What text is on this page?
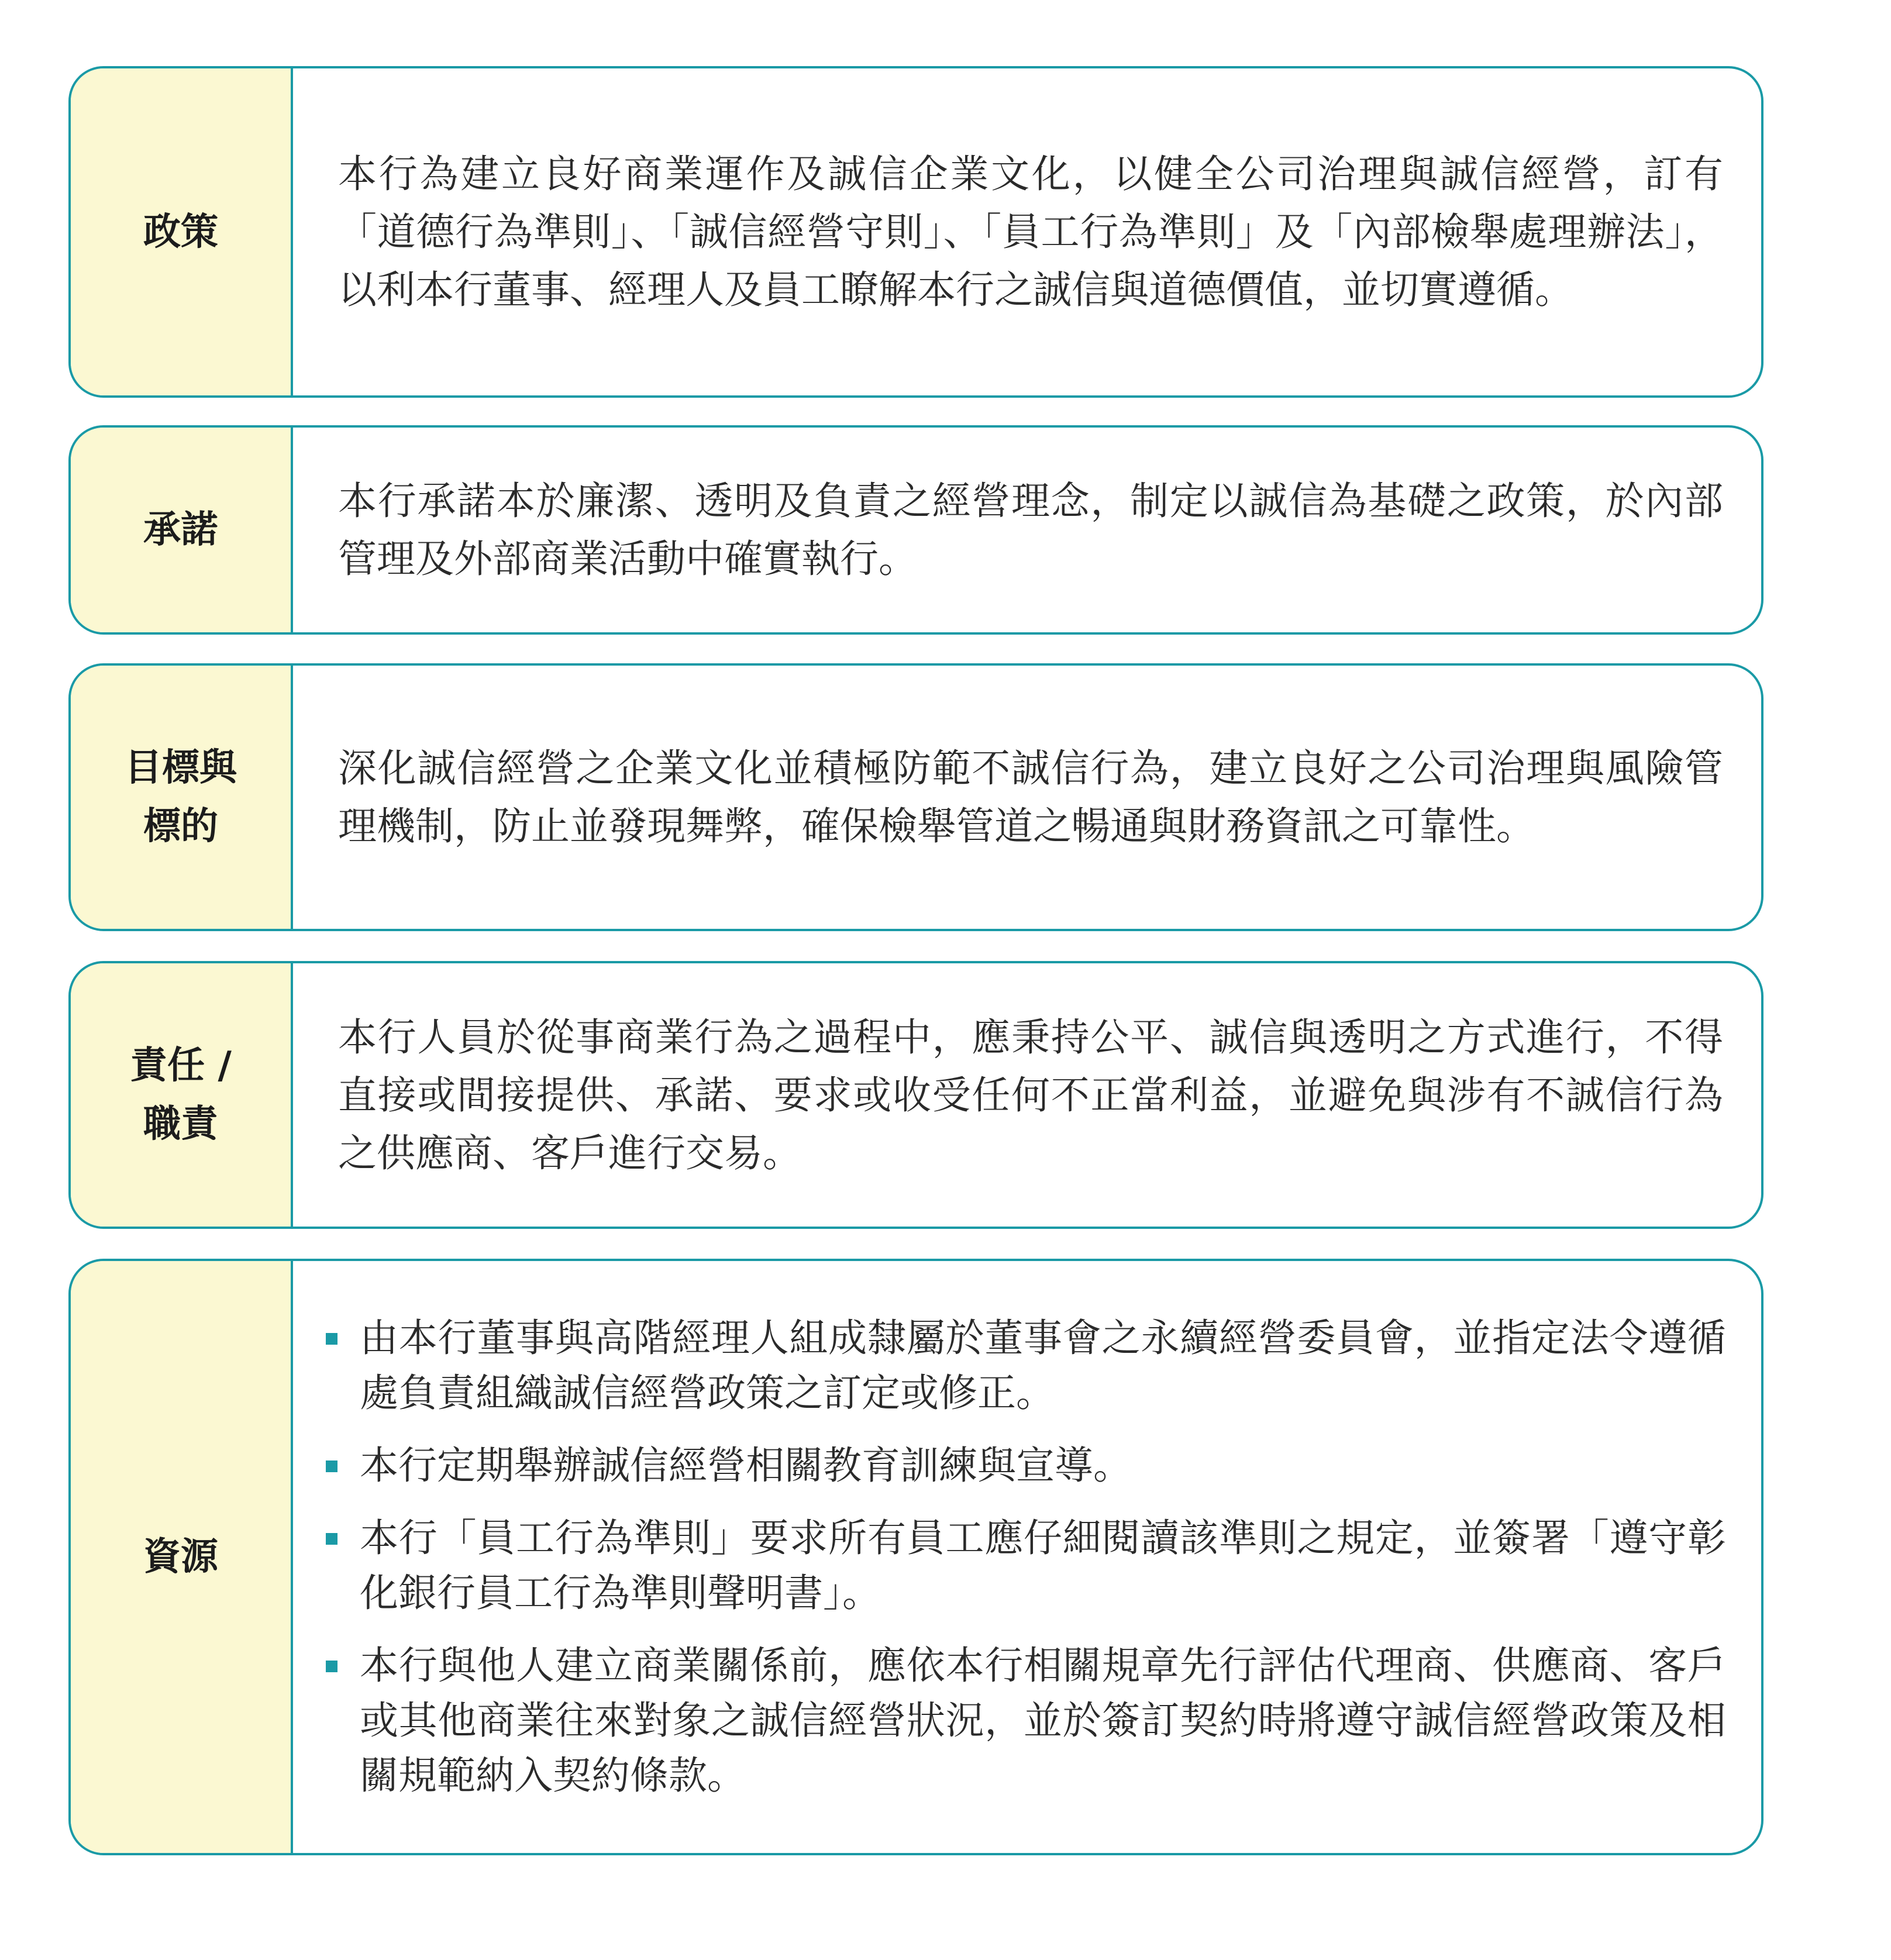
政策

本行為建立良好商業運作及誠信企業文化，以健全公司治理與誠信經營，訂有「道德行為準則」、「誠信經營守則」、「員工行為準則」及「內部檢舉處理辦法」，以利本行董事、經理人及員工瞭解本行之誠信與道德價值，並切實遵循。

承諾

本行承諾本於廉潔、透明及負責之經營理念，制定以誠信為基礎之政策，於內部管理及外部商業活動中確實執行。

目標與
標的

深化誠信經營之企業文化並積極防範不誠信行為，建立良好之公司治理與風險管理機制，防止並發現舞弊，確保檢舉管道之暢通與財務資訊之可靠性。

責任 /
職責

本行人員於從事商業行為之過程中，應秉持公平、誠信與透明之方式進行，不得直接或間接提供、承諾、要求或收受任何不正當利益，並避免與涉有不誠信行為之供應商、客戶進行交易。

資源
由本行董事與高階經理人組成隸屬於董事會之永續經營委員會，並指定法令遵循處負責組織誠信經營政策之訂定或修正。
本行定期舉辦誠信經營相關教育訓練與宣導。
本行「員工行為準則」要求所有員工應仔細閱讀該準則之規定，並簽署「遵守彰化銀行員工行為準則聲明書」。
本行與他人建立商業關係前，應依本行相關規章先行評估代理商、供應商、客戶或其他商業往來對象之誠信經營狀況，並於簽訂契約時將遵守誠信經營政策及相關規範納入契約條款。
